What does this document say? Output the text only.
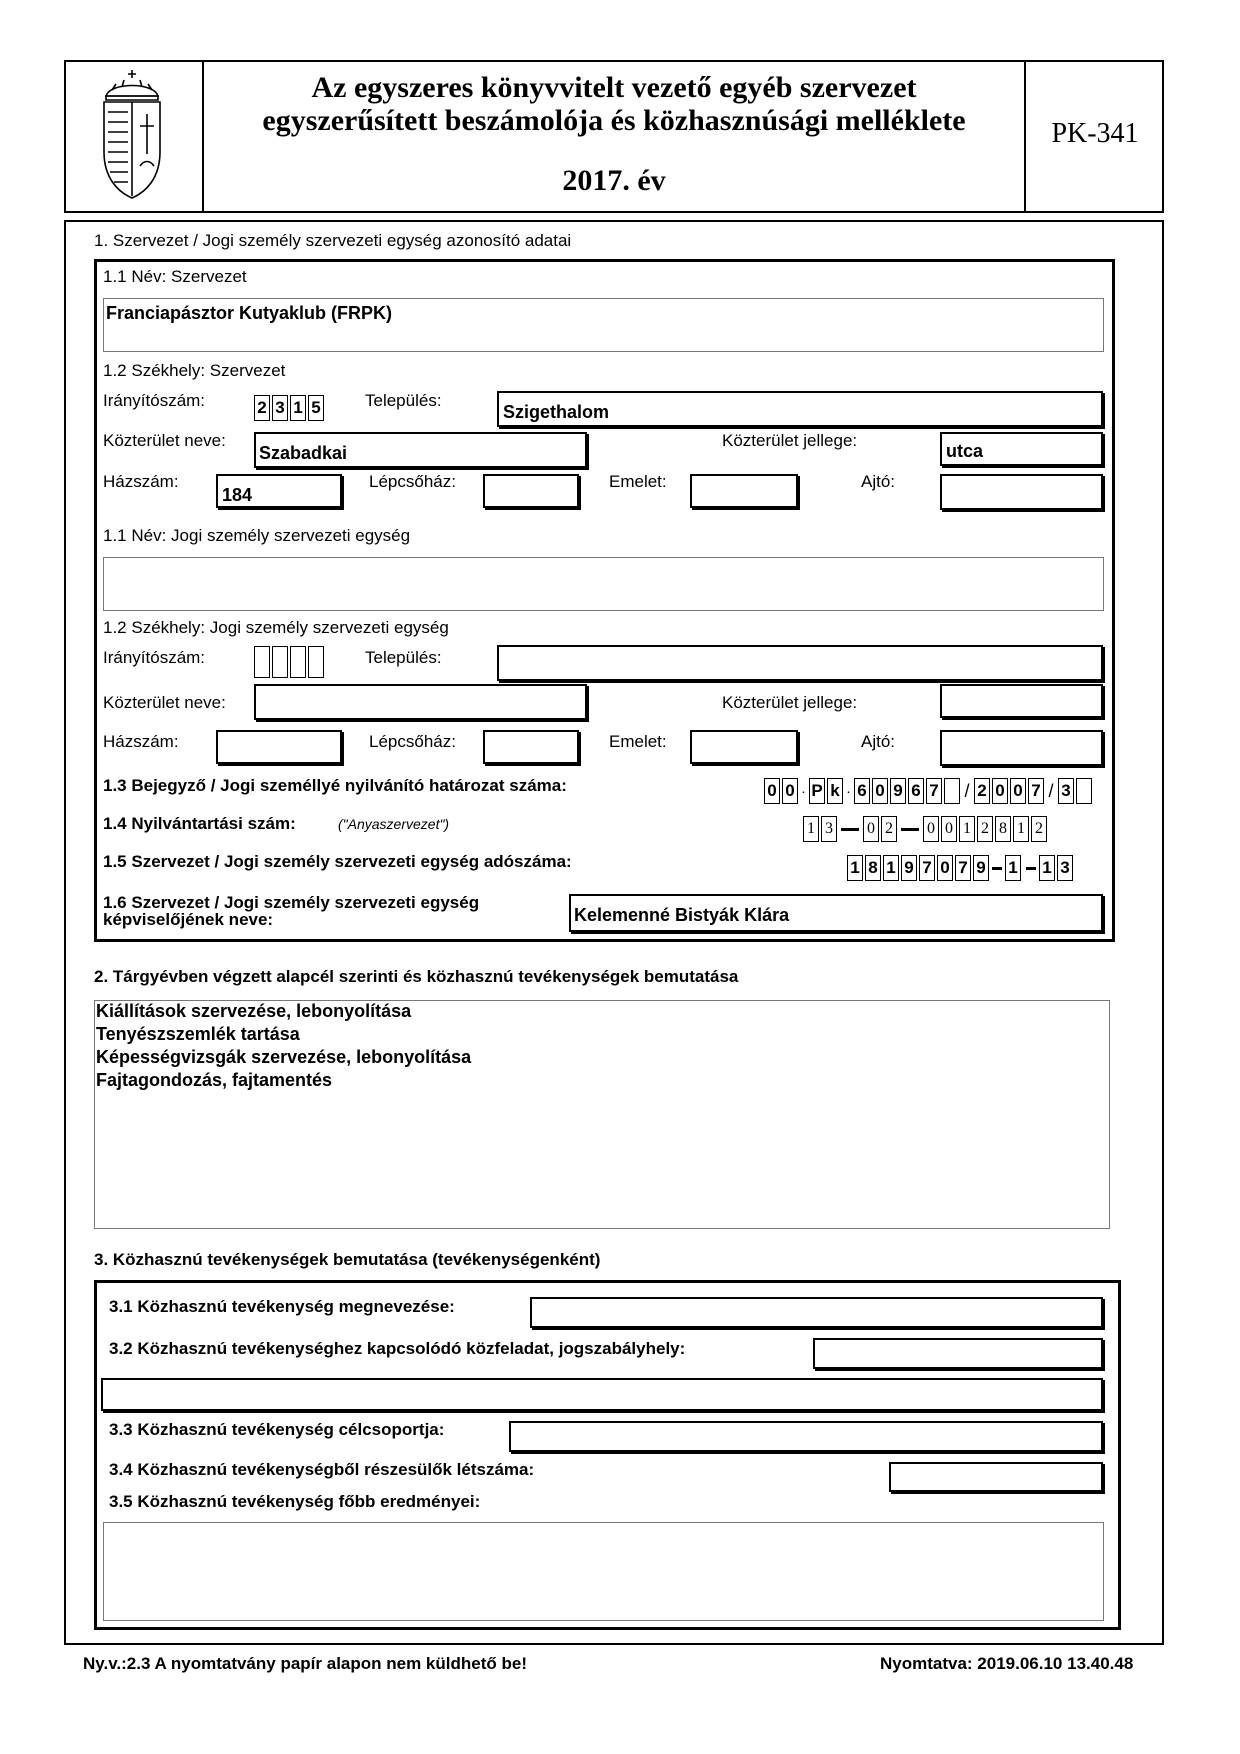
Az egyszeres könyvvitelt vezető egyéb szervezet
egyszerűsített beszámolója és közhasznúsági melléklete
2017. év
PK-341
1. Szervezet / Jogi személy szervezeti egység azonosító adatai
1.1 Név: Szervezet
Franciapásztor Kutyaklub (FRPK)
1.2 Székhely: Szervezet
Irányítószám:	2 3 1 5	Település:
Szigethalom
Közterület neve:
Szabadkai
Közterület jellege:
utca
Házszám:
184
Lépcsőház:	Emelet:	Ajtó:
1.1 Név: Jogi személy szervezeti egység
1.2 Székhely: Jogi személy szervezeti egység
Irányítószám:	Település:
Közterület neve:	Közterület jellege:
Házszám:	Lépcsőház:	Emelet:	Ajtó:
1.3 Bejegyző / Jogi személlyé nyilvánító határozat száma:	0 0 · P k · 6 0 9 6 7 / 2 0 0 7 / 3
1.4 Nyilvántartási szám:	("Anyaszervezet")	1 3 0 2 0 0 1 2 8 1 2
1.5 Szervezet / Jogi személy szervezeti egység adószáma:	1 8 1 9 7 0 7 9 1 1 3
1.6 Szervezet / Jogi személy szervezeti egység
képviselőjének neve:	Kelemenné Bistyák Klára
2. Tárgyévben végzett alapcél szerinti és közhasznú tevékenységek bemutatása
Kiállítások szervezése, lebonyolítása
Tenyészszemlék tartása
Képességvizsgák szervezése, lebonyolítása
Fajtagondozás, fajtamentés
3. Közhasznú tevékenységek bemutatása (tevékenységenként)
3.1 Közhasznú tevékenység megnevezése:
3.2 Közhasznú tevékenységhez kapcsolódó közfeladat, jogszabályhely:
3.3 Közhasznú tevékenység célcsoportja:
3.4 Közhasznú tevékenységből részesülők létszáma:
3.5 Közhasznú tevékenység főbb eredményei:
Ny.v.:2.3 A nyomtatvány papír alapon nem küldhető be!	Nyomtatva: 2019.06.10 13.40.48
